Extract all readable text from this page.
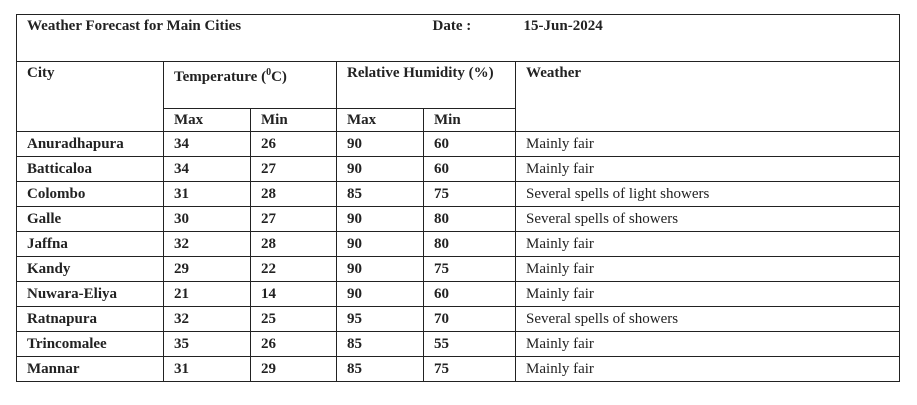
Weather Forecast for Main Cities			Date :		15-Jun-2024
City	Temperature ($^0$C)		Relative Humidity (%)		Weather
	Max	Min	Max	Min	
Anuradhapura	34	26	90	60	Mainly fair
Batticaloa	34	27	90	60	Mainly fair
Colombo	31	28	85	75	Several spells of light showers
Galle	30	27	90	80	Several spells of showers
Jaffna	32	28	90	80	Mainly fair
Kandy	29	22	90	75	Mainly fair
Nuwara-Eliya	21	14	90	60	Mainly fair
Ratnapura	32	25	95	70	Several spells of showers
Trincomalee	35	26	85	55	Mainly fair
Mannar	31	29	85	75	Mainly fair
